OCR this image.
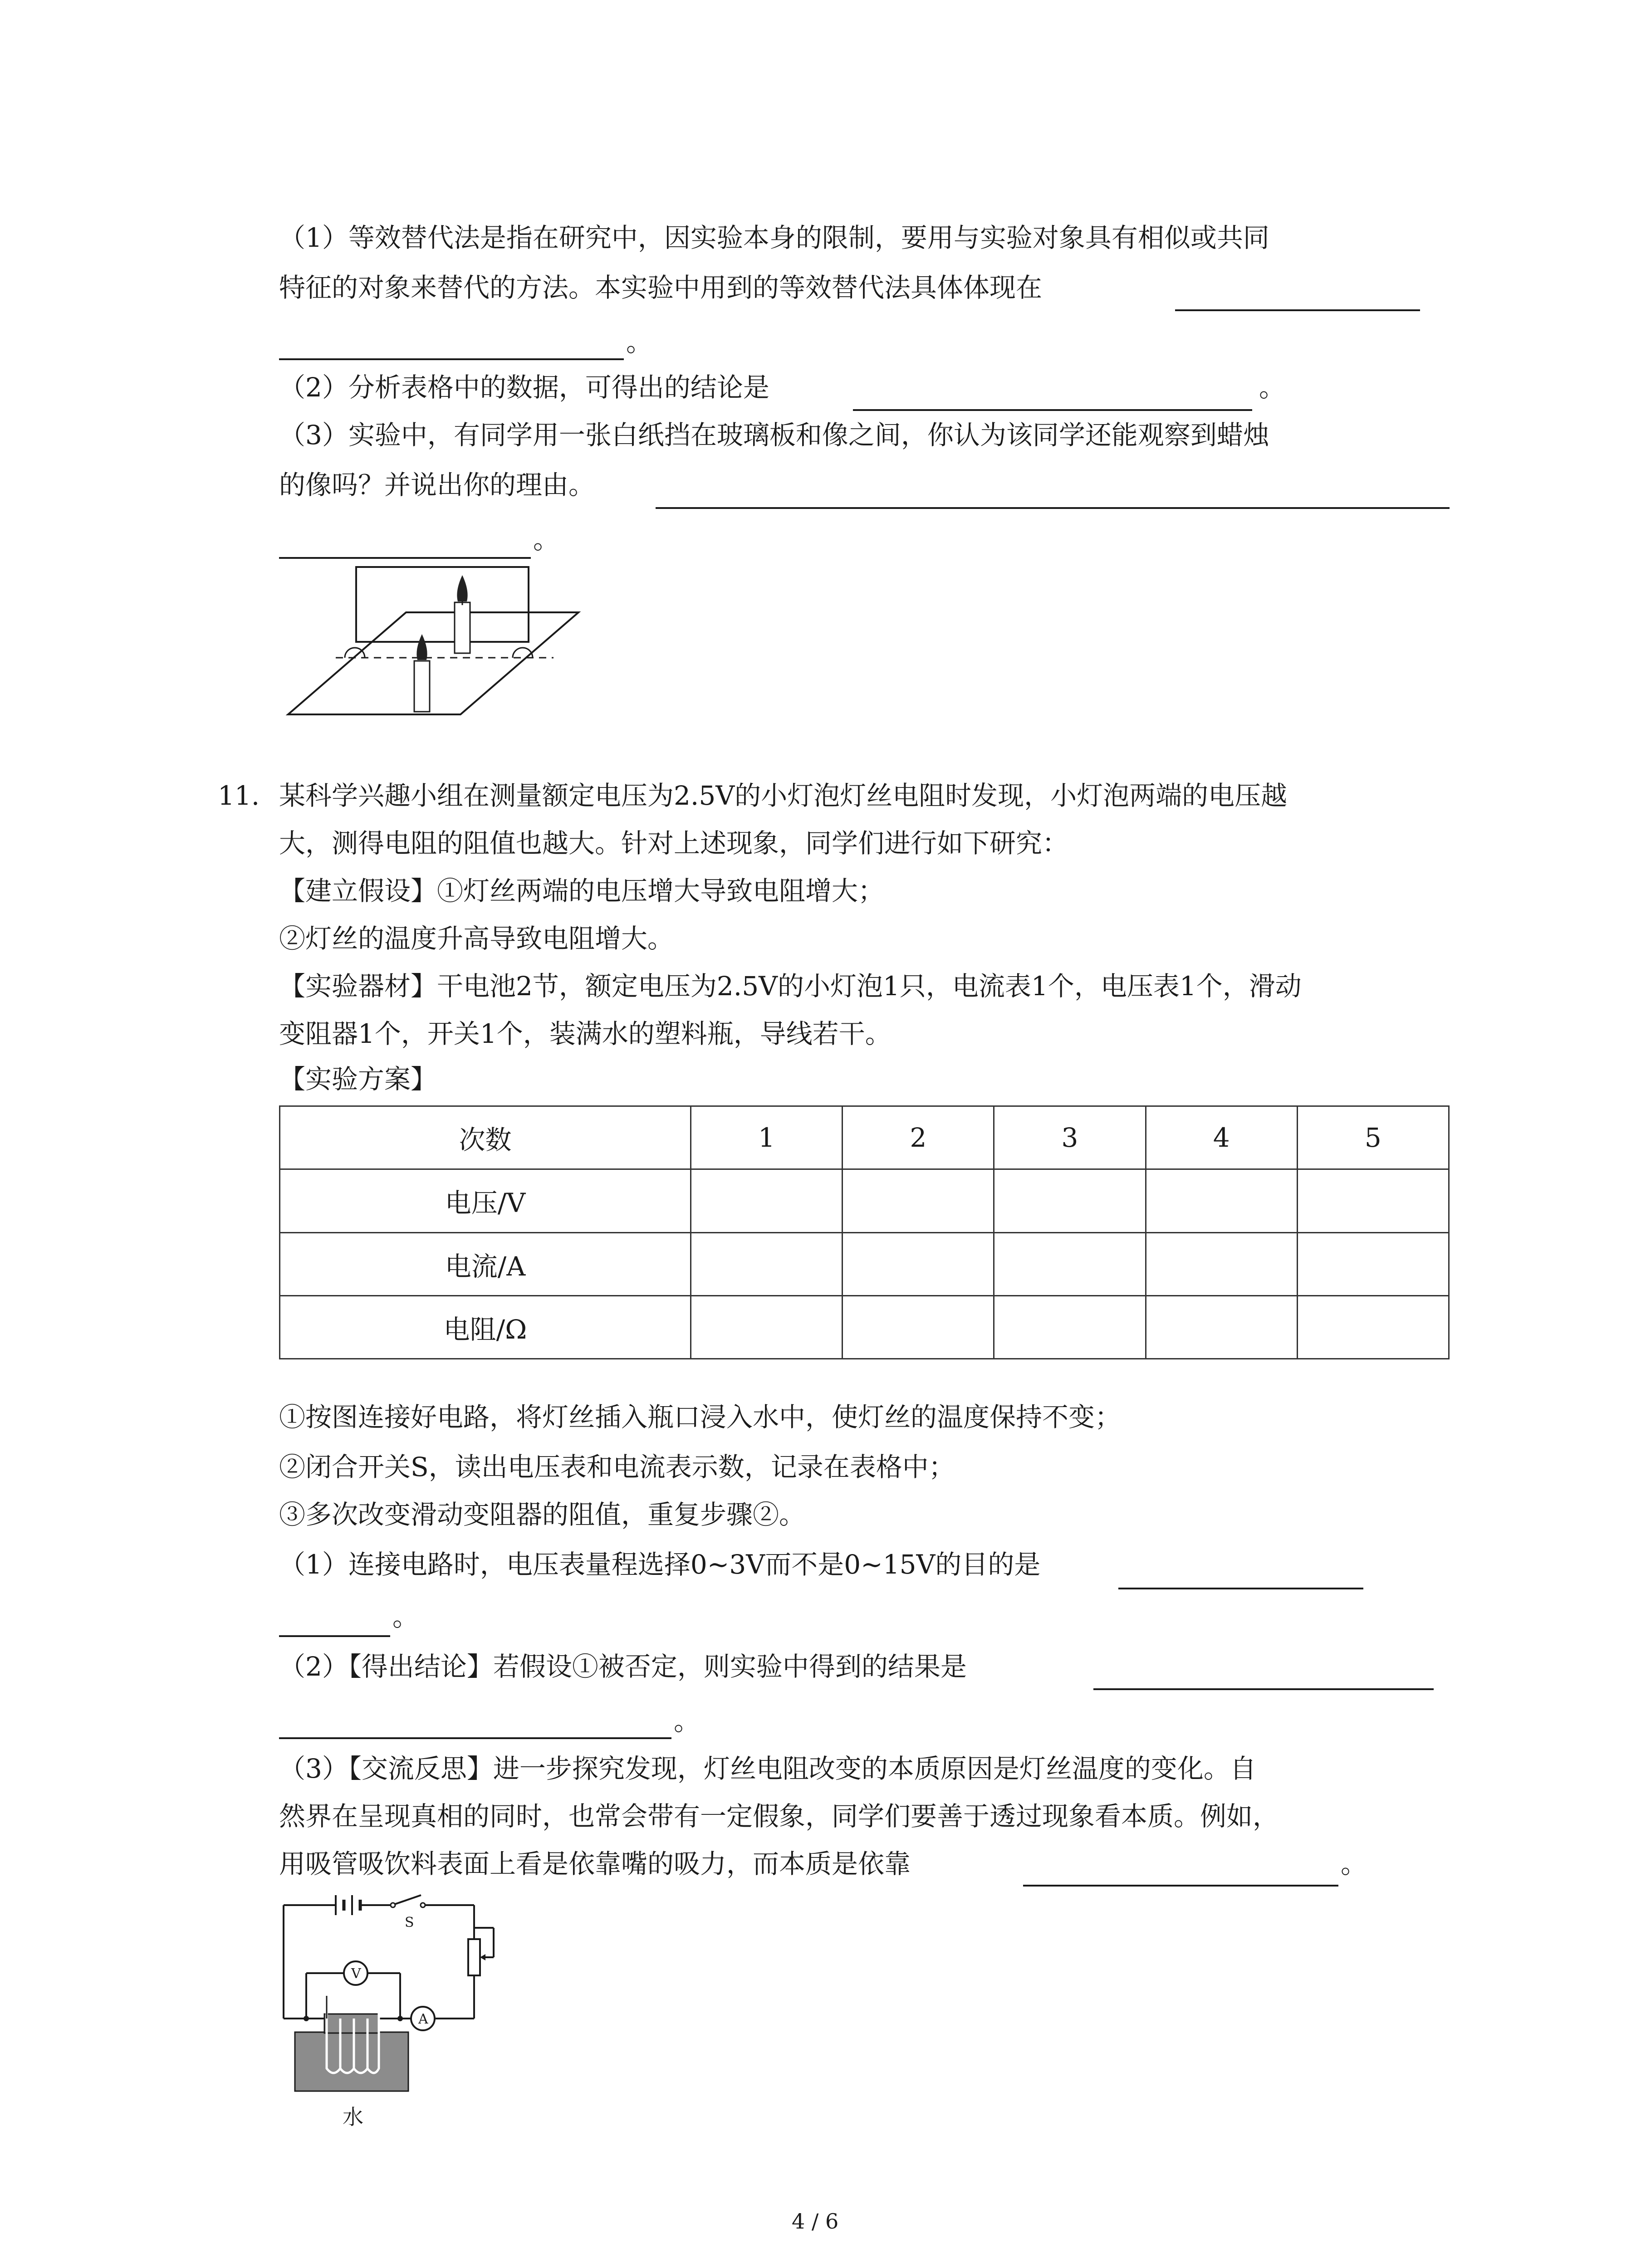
（1）等效替代法是指在研究中，因实验本身的限制，要用与实验对象具有相似或共同
特征的对象来替代的方法。本实验中用到的等效替代法具体体现在
。
（2）分析表格中的数据，可得出的结论是	。
（3）实验中，有同学用一张白纸挡在玻璃板和像之间，你认为该同学还能观察到蜡烛
的像吗？并说出你的理由。
。
11. 某科学兴趣小组在测量额定电压为2.5V的小灯泡灯丝电阻时发现，小灯泡两端的电压越
大，测得电阻的阻值也越大。针对上述现象，同学们进行如下研究：
【建立假设】①灯丝两端的电压增大导致电阻增大；
②灯丝的温度升高导致电阻增大。
【实验器材】干电池2节，额定电压为2.5V的小灯泡1只，电流表1个，电压表1个，滑动
变阻器1个，开关1个，装满水的塑料瓶，导线若干。
【实验方案】
次数	1	2	3	4	5
电压/V					
电流/A					
电阻/Ω					
①按图连接好电路，将灯丝插入瓶口浸入水中，使灯丝的温度保持不变；
②闭合开关S，读出电压表和电流表示数，记录在表格中；
③多次改变滑动变阻器的阻值，重复步骤②。
（1）连接电路时，电压表量程选择0~3V而不是0~15V的目的是
。
（2）【得出结论】若假设①被否定，则实验中得到的结果是
。
（3）【交流反思】进一步探究发现，灯丝电阻改变的本质原因是灯丝温度的变化。自
然界在呈现真相的同时，也常会带有一定假象，同学们要善于透过现象看本质。例如，
用吸管吸饮料表面上看是依靠嘴的吸力，而本质是依靠	。
S
A
V
水
4 / 6
